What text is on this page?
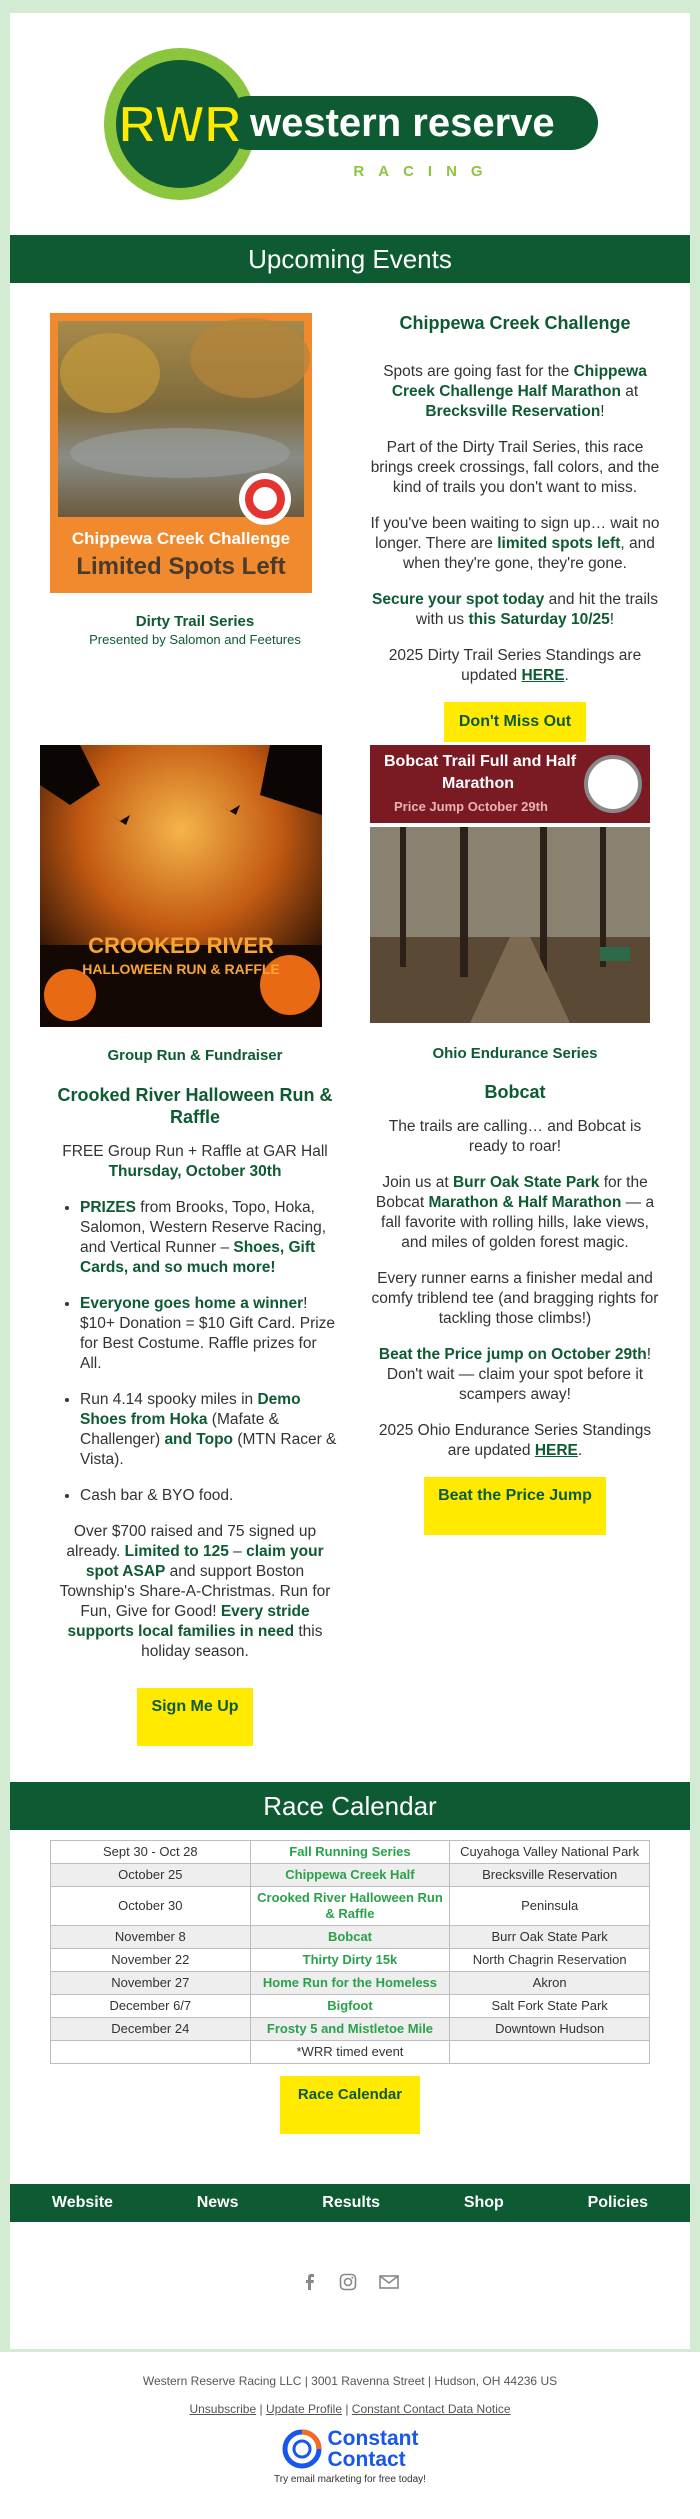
RWR western reserve
RACING
Upcoming Events
Chippewa Creek Challenge
Limited Spots Left
Dirty Trail Series
Presented by Salomon and Feetures
Chippewa Creek Challenge
Spots are going fast for the Chippewa Creek Challenge Half Marathon at Brecksville Reservation!
Part of the Dirty Trail Series, this race brings creek crossings, fall colors, and the kind of trails you don't want to miss.
If you've been waiting to sign up… wait no longer. There are limited spots left, and when they're gone, they're gone.
Secure your spot today and hit the trails with us this Saturday 10/25!
2025 Dirty Trail Series Standings are updated HERE.
Don't Miss Out
CROOKED RIVER
HALLOWEEN RUN & RAFFLE
Group Run & Fundraiser
Crooked River Halloween Run & Raffle
FREE Group Run + Raffle at GAR Hall Thursday, October 30th
• PRIZES from Brooks, Topo, Hoka, Salomon, Western Reserve Racing, and Vertical Runner – Shoes, Gift Cards, and so much more!
• Everyone goes home a winner! $10+ Donation = $10 Gift Card. Prize for Best Costume. Raffle prizes for All.
• Run 4.14 spooky miles in Demo Shoes from Hoka (Mafate & Challenger) and Topo (MTN Racer & Vista).
• Cash bar & BYO food.
Over $700 raised and 75 signed up already. Limited to 125 – claim your spot ASAP and support Boston Township's Share-A-Christmas. Run for Fun, Give for Good! Every stride supports local families in need this holiday season.
Sign Me Up
Bobcat Trail Full and Half
Marathon
Price Jump October 29th
Ohio Endurance Series
Bobcat
The trails are calling… and Bobcat is ready to roar!
Join us at Burr Oak State Park for the Bobcat Marathon & Half Marathon — a fall favorite with rolling hills, lake views, and miles of golden forest magic.
Every runner earns a finisher medal and comfy triblend tee (and bragging rights for tackling those climbs!)
Beat the Price jump on October 29th! Don't wait — claim your spot before it scampers away!
2025 Ohio Endurance Series Standings are updated HERE.
Beat the Price Jump
Race Calendar
Sept 30 - Oct 28	Fall Running Series	Cuyahoga Valley National Park
October 25	Chippewa Creek Half	Brecksville Reservation
October 30	Crooked River Halloween Run & Raffle	Peninsula
November 8	Bobcat	Burr Oak State Park
November 22	Thirty Dirty 15k	North Chagrin Reservation
November 27	Home Run for the Homeless	Akron
December 6/7	Bigfoot	Salt Fork State Park
December 24	Frosty 5 and Mistletoe Mile	Downtown Hudson
	*WRR timed event	
Race Calendar
Website	News	Results	Shop	Policies
Western Reserve Racing LLC | 3001 Ravenna Street | Hudson, OH 44236 US
Unsubscribe | Update Profile | Constant Contact Data Notice
Constant
Contact
Try email marketing for free today!
